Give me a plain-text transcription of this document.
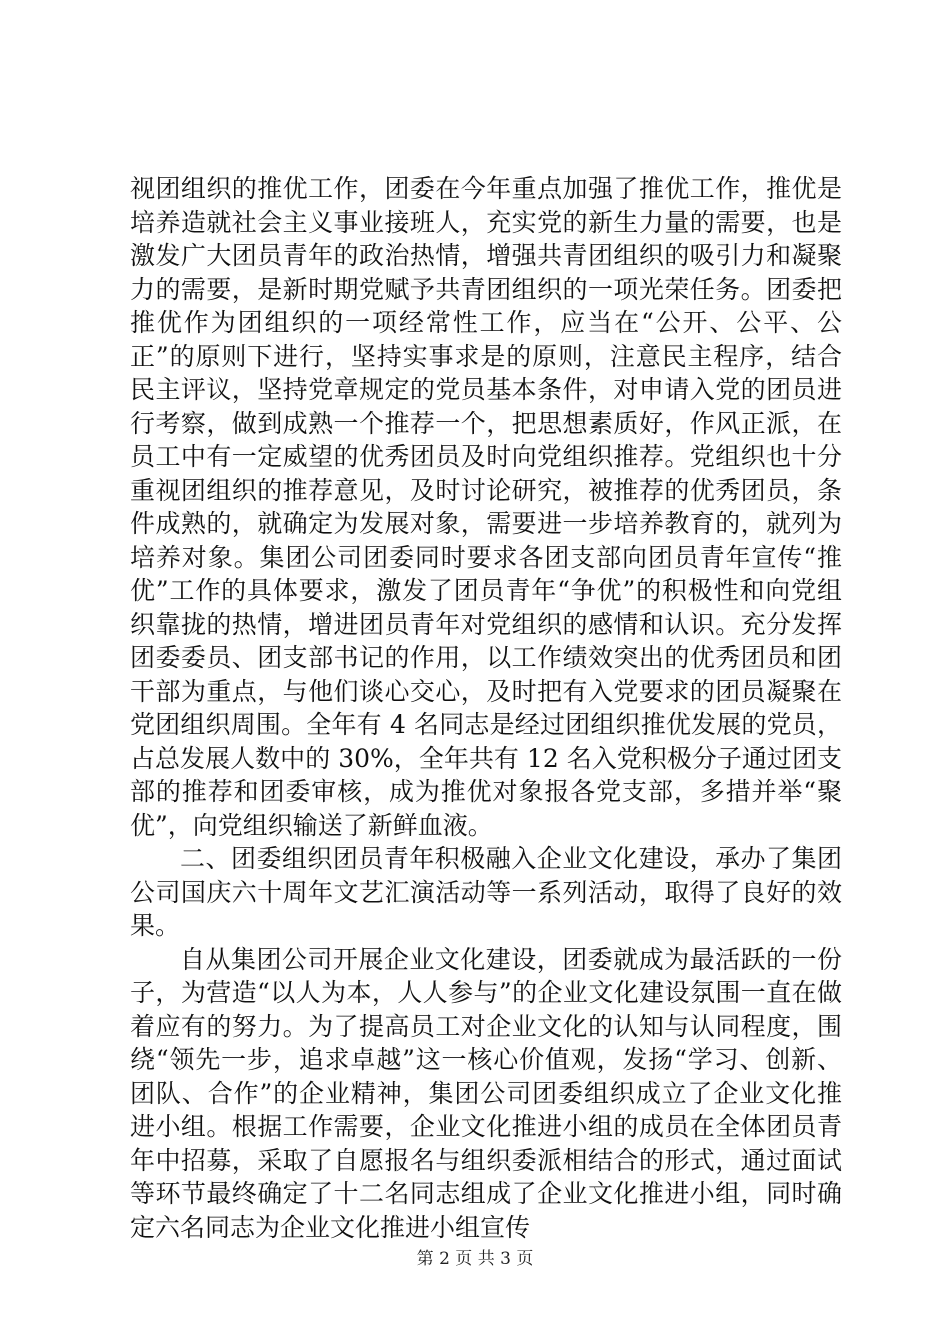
视团组织的推优工作，团委在今年重点加强了推优工作，推优是培养造就社会主义事业接班人，充实党的新生力量的需要，也是激发广大团员青年的政治热情，增强共青团组织的吸引力和凝聚力的需要，是新时期党赋予共青团组织的一项光荣任务。团委把推优作为团组织的一项经常性工作，应当在“公开、公平、公正”的原则下进行，坚持实事求是的原则，注意民主程序，结合民主评议，坚持党章规定的党员基本条件，对申请入党的团员进行考察，做到成熟一个推荐一个，把思想素质好，作风正派，在员工中有一定威望的优秀团员及时向党组织推荐。党组织也十分重视团组织的推荐意见，及时讨论研究，被推荐的优秀团员，条件成熟的，就确定为发展对象，需要进一步培养教育的，就列为培养对象。集团公司团委同时要求各团支部向团员青年宣传“推优”工作的具体要求，激发了团员青年“争优”的积极性和向党组织靠拢的热情，增进团员青年对党组织的感情和认识。充分发挥团委委员、团支部书记的作用，以工作绩效突出的优秀团员和团干部为重点，与他们谈心交心，及时把有入党要求的团员凝聚在党团组织周围。全年有 4 名同志是经过团组织推优发展的党员，占总发展人数中的 30%，全年共有 12 名入党积极分子通过团支部的推荐和团委审核，成为推优对象报各党支部，多措并举“聚优”，向党组织输送了新鲜血液。

二、团委组织团员青年积极融入企业文化建设，承办了集团公司国庆六十周年文艺汇演活动等一系列活动，取得了良好的效果。

自从集团公司开展企业文化建设，团委就成为最活跃的一份子，为营造“以人为本，人人参与”的企业文化建设氛围一直在做着应有的努力。为了提高员工对企业文化的认知与认同程度，围绕“领先一步，追求卓越”这一核心价值观，发扬“学习、创新、团队、合作”的企业精神，集团公司团委组织成立了企业文化推进小组。根据工作需要，企业文化推进小组的成员在全体团员青年中招募，采取了自愿报名与组织委派相结合的形式，通过面试等环节最终确定了十二名同志组成了企业文化推进小组，同时确定六名同志为企业文化推进小组宣传

第 2 页 共 3 页
